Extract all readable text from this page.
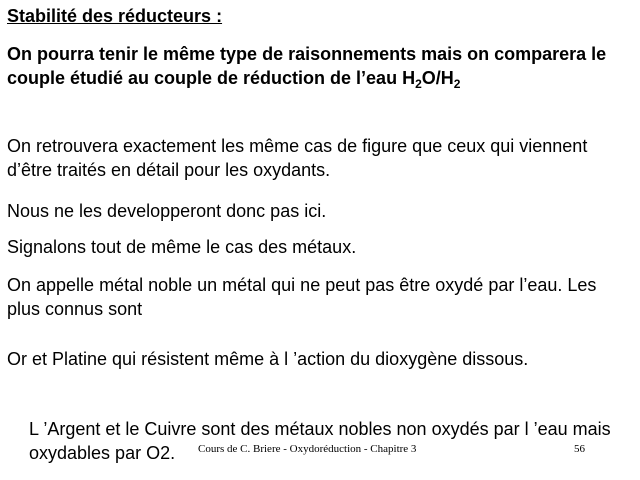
Stabilité des réducteurs :

On pourra tenir le même type de raisonnements mais on comparera le couple étudié au couple de réduction de l’eau $H_2O/H_2$

On retrouvera exactement les même cas de figure que ceux qui viennent d’être traités en détail pour les oxydants.

Nous ne les developperont donc pas ici.

Signalons tout de même le cas des métaux.

On appelle métal noble un métal qui ne peut pas être oxydé par l’eau. Les plus connus sont

Or et Platine qui résistent même à l ’action du dioxygène dissous.

L ’Argent et le Cuivre sont des métaux nobles non oxydés par l ’eau mais oxydables par O2.	Cours de C. Briere - Oxydoréduction - Chapitre 3	56
